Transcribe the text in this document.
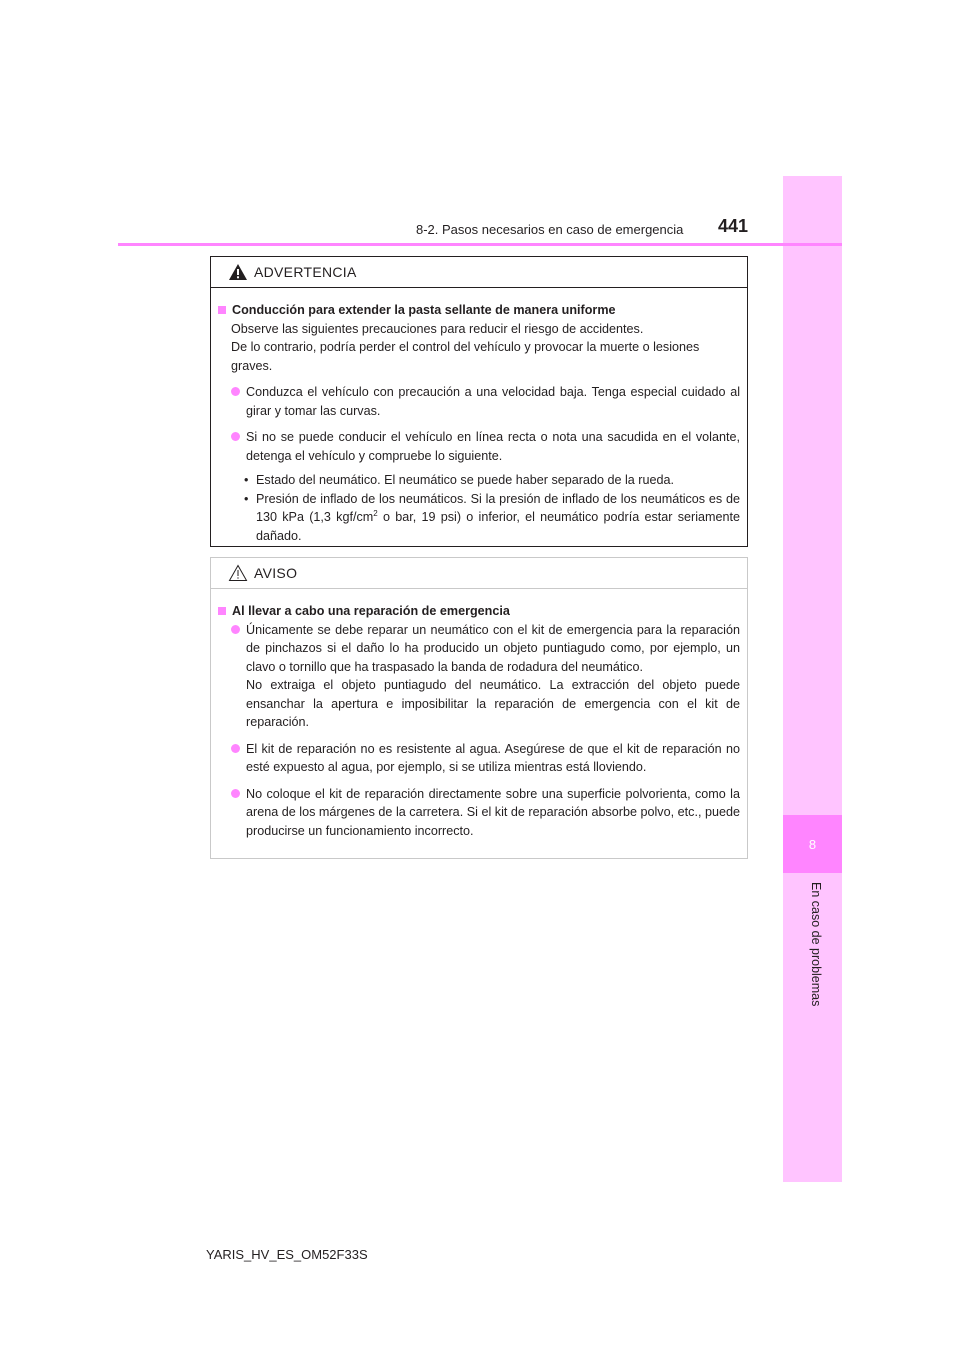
8
En caso de problemas
8-2. Pasos necesarios en caso de emergencia 441
ADVERTENCIA

Conducción para extender la pasta sellante de manera uniforme

Observe las siguientes precauciones para reducir el riesgo de accidentes.

De lo contrario, podría perder el control del vehículo y provocar la muerte o lesiones graves.

Conduzca el vehículo con precaución a una velocidad baja. Tenga especial cuidado al girar y tomar las curvas.
Si no se puede conducir el vehículo en línea recta o nota una sacudida en el volante, detenga el vehículo y compruebe lo siguiente.
• Estado del neumático. El neumático se puede haber separado de la rueda.
• Presión de inflado de los neumáticos. Si la presión de inflado de los neumáticos es de 130 kPa (1,3 kgf/$cm^2$ o bar, 19 psi) o inferior, el neumático podría estar seriamente dañado.
AVISO

Al llevar a cabo una reparación de emergencia

Únicamente se debe reparar un neumático con el kit de emergencia para la reparación de pinchazos si el daño lo ha producido un objeto puntiagudo como, por ejemplo, un clavo o tornillo que ha traspasado la banda de rodadura del neumático.
No extraiga el objeto puntiagudo del neumático. La extracción del objeto puede ensanchar la apertura e imposibilitar la reparación de emergencia con el kit de reparación.
El kit de reparación no es resistente al agua. Asegúrese de que el kit de reparación no esté expuesto al agua, por ejemplo, si se utiliza mientras está lloviendo.
No coloque el kit de reparación directamente sobre una superficie polvorienta, como la arena de los márgenes de la carretera. Si el kit de reparación absorbe polvo, etc., puede producirse un funcionamiento incorrecto.
YARIS_HV_ES_OM52F33S
